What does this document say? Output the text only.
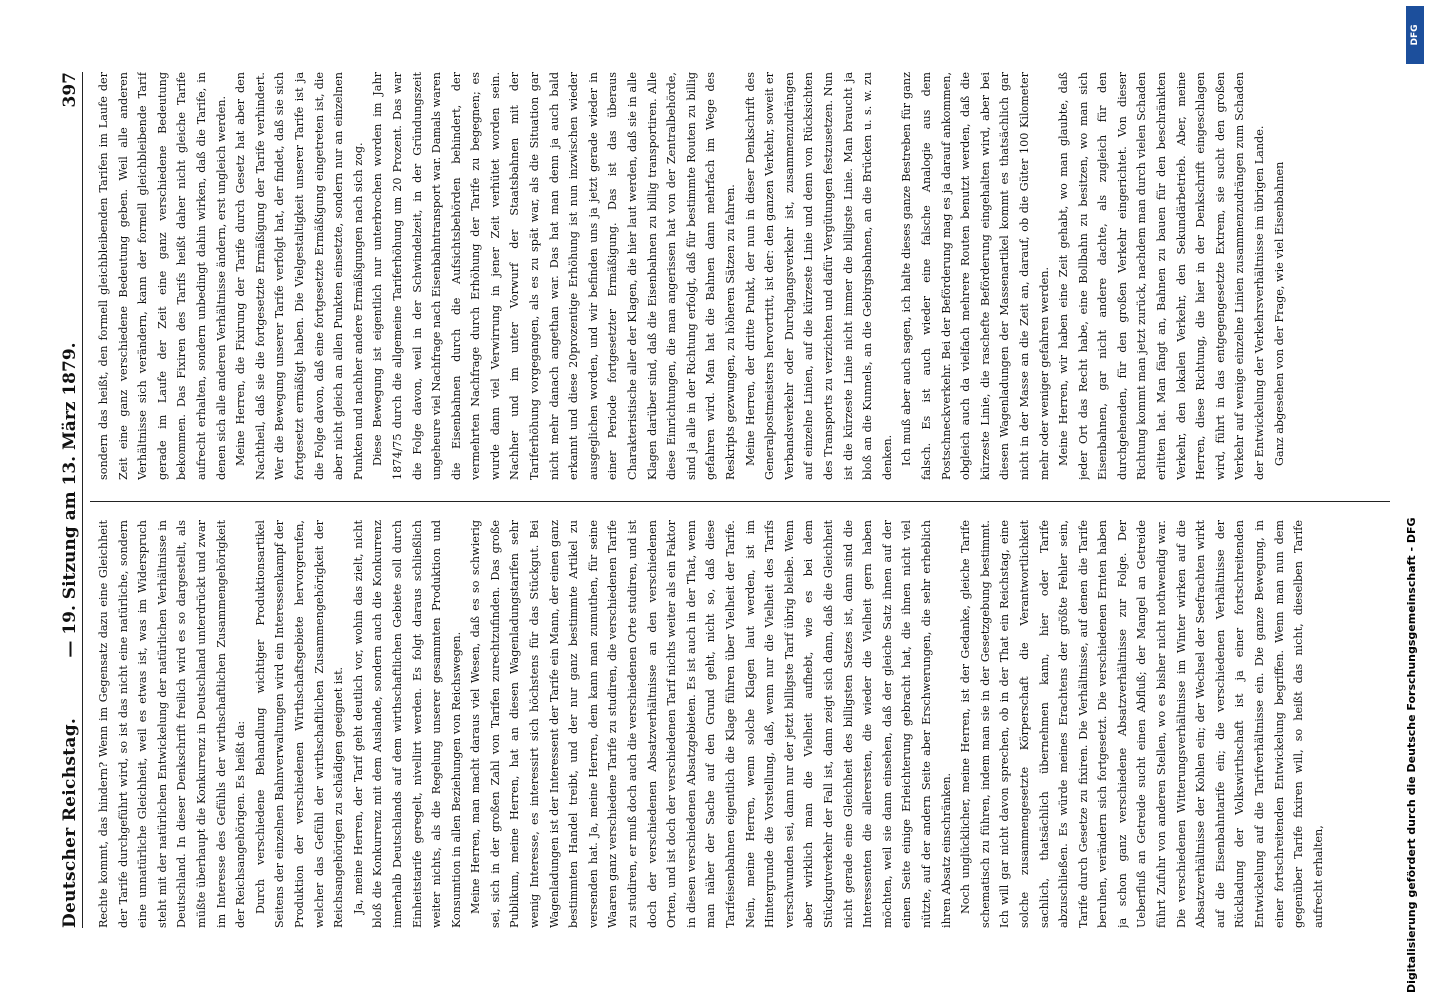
Deutscher Reichstag.
— 19. Sitzung am 13. März 1879.
397

Rechte kommt, das hindern? Wenn im Gegensatz dazu eine Gleichheit der Tarife durchgeführt wird, so ist das nicht eine natürliche, sondern eine unnatürliche Gleichheit, weil es etwas ist, was im Widerspruch steht mit der natürlichen Entwickelung der natürlichen Verhältnisse in Deutschland. In dieser Denkschrift freilich wird es so dargestellt, als müßte überhaupt die Konkurrenz in Deutschland unterdrückt und zwar im Interesse des Gefühls der wirthschaftlichen Zusammengehörigkeit der Reichsangehörigen. Es heißt da: Durch verschiedene Behandlung wichtiger Produktionsartikel Seitens der einzelnen Bahnverwaltungen wird ein Interessenkampf der Produktion der verschiedenen Wirthschaftsgebiete hervorgerufen, welcher das Gefühl der wirthschaftlichen Zusammengehörigkeit der Reichsangehörigen zu schädigen geeignet ist. Ja, meine Herren, der Tarif geht deutlich vor, wohin das zielt, nicht bloß die Konkurrenz mit dem Auslande, sondern auch die Konkurrenz innerhalb Deutschlands auf dem wirthschaftlichen Gebiete soll durch Einheitstarife geregelt, nivellirt werden. Es folgt daraus schließlich weiter nichts, als die Regelung unserer gesammten Produktion und Konsumtion in allen Beziehungen von Reichswegen. Meine Herren, man macht daraus viel Wesen, daß es so schwierig sei, sich in der großen Zahl von Tarifen zurechtzufinden. Das große Publikum, meine Herren, hat an diesen Wagenladungstarifen sehr wenig Interesse, es interessirt sich höchstens für das Stückgut. Bei Wagenladungen ist der Interessent der Tarife ein Mann, der einen ganz bestimmten Handel treibt, und der nur ganz bestimmte Artikel zu versenden hat. Ja, meine Herren, dem kann man zumuthen, für seine Waaren ganz verschiedene Tarife zu studiren, die verschiedenen Tarife zu studiren, er muß doch auch die verschiedenen Orte studiren, und ist doch der verschiedenen Absatzverhältnisse an den verschiedenen Orten, und ist doch der verschiedenen Tarif nichts weiter als ein Faktor in diesen verschiedenen Absatzgebieten. Es ist auch in der That, wenn man näher der Sache auf den Grund geht, nicht so, daß diese Tarifeisenbahnen eigentlich die Klage führen über Vielheit der Tarife. Nein, meine Herren, wenn solche Klagen laut werden, ist im Hintergrunde die Vorstellung, daß, wenn nur die Vielheit des Tarifs verschwunden sei, dann nur der jetzt billigste Tarif übrig bleibe. Wenn aber wirklich man die Vielheit aufhebt, wie es bei dem Stückgutverkehr der Fall ist, dann zeigt sich dann, daß die Gleichheit nicht gerade eine Gleichheit des billigsten Satzes ist, dann sind die Interessenten die allerersten, die wieder die Vielheit gern haben möchten, weil sie dann einsehen, daß der gleiche Satz ihnen auf der einen Seite einige Erleichterung gebracht hat, die ihnen nicht viel nützte, auf der andern Seite aber Erschwerungen, die sehr erheblich ihren Absatz einschränken. Noch unglücklicher, meine Herren, ist der Gedanke, gleiche Tarife schematisch zu führen, indem man sie in der Gesetzgebung bestimmt. Ich will gar nicht davon sprechen, ob in der That ein Reichstag, eine solche zusammengesetzte Körperschaft die Verantwortlichkeit sachlich, thatsächlich übernehmen kann, hier oder Tarife abzuschließen. Es würde meines Erachtens der größte Fehler sein, Tarife durch Gesetze zu fixiren. Die Verhältnisse, auf denen die Tarife beruhen, verändern sich fortgesetzt. Die verschiedenen Ernten haben ja schon ganz verschiedene Absatzverhältnisse zur Folge. Der Ueberfluß an Getreide sucht einen Abfluß; der Mangel an Getreide führt Zufuhr von anderen Stellen, wo es bisher nicht nothwendig war. Die verschiedenen Witterungsverhältnisse im Winter wirken auf die Absatzverhältnisse der Kohlen ein; der Wechsel der Seefrachten wirkt auf die Eisenbahntarife ein; die verschiedenen Verhältnisse der Rückladung der Volkswirthschaft ist ja einer fortschreitenden Entwickelung auf die Tarifverhältnisse ein. Die ganze Bewegung, in einer fortschreitenden Entwickelung begriffen. Wenn man nun dem gegenüber Tarife fixiren will, so heißt das nicht, dieselben Tarife aufrecht erhalten,

sondern das heißt, den formell gleichbleibenden Tarifen im Laufe der Zeit eine ganz verschiedene Bedeutung geben. Weil alle anderen Verhältnisse sich verändern, kann der formell gleichbleibende Tarif gerade im Laufe der Zeit eine ganz verschiedene Bedeutung bekommen. Das Fixiren des Tarifs heißt daher nicht gleiche Tarife aufrecht erhalten, sondern unbedingt dahin wirken, daß die Tarife, in denen sich alle anderen Verhältnisse ändern, erst ungleich werden. Meine Herren, die Fixirung der Tarife durch Gesetz hat aber den Nachtheil, daß sie die fortgesetzte Ermäßigung der Tarife verhindert. Wer die Bewegung unserer Tarife verfolgt hat, der findet, daß sie sich fortgesetzt ermäßigt haben. Die Vielgestaltigkeit unserer Tarife ist ja die Folge davon, daß eine fortgesetzte Ermäßigung eingetreten ist, die aber nicht gleich an allen Punkten einsetzte, sondern nur an einzelnen Punkten und nachher andere Ermäßigungen nach sich zog. Diese Bewegung ist eigentlich nur unterbrochen worden im Jahr 1874/75 durch die allgemeine Tariferhöhung um 20 Prozent. Das war die Folge davon, weil in der Schwindelzeit, in der Gründungszeit ungeheure viel Nachfrage nach Eisenbahntransport war. Damals waren die Eisenbahnen durch die Aufsichtsbehörden behindert, der vermehrten Nachfrage durch Erhöhung der Tarife zu begegnen; es wurde dann viel Verwirrung in jener Zeit verhütet worden sein. Nachher und im unter Vorwurf der Staatsbahnen mit der Tariferhöhung vorgegangen, als es zu spät war, als die Situation gar nicht mehr danach angethan war. Das hat man denn ja auch bald erkannt und diese 20prozentige Erhöhung ist nun inzwischen wieder ausgeglichen worden, und wir befinden uns ja jetzt gerade wieder in einer Periode fortgesetzter Ermäßigung. Das ist das überaus Charakteristische aller der Klagen, die hier laut werden, daß sie in alle Klagen darüber sind, daß die Eisenbahnen zu billig transportiren. Alle diese Einrichtungen, die man angerissen hat von der Zentralbehörde, sind ja alle in der Richtung erfolgt, daß für bestimmte Routen zu billig gefahren wird. Man hat die Bahnen dann mehrfach im Wege des Reskripts gezwungen, zu höheren Sätzen zu fahren. Meine Herren, der dritte Punkt, der nun in dieser Denkschrift des Generalpostmeisters hervortritt, ist der: den ganzen Verkehr, soweit er Verbandsverkehr oder Durchgangsverkehr ist, zusammenzudrängen auf einzelne Linien, auf die kürzeste Linie und denn von Rücksichten des Transports zu verzichten und dafür Vergütungen festzusetzen. Nun ist die kürzeste Linie nicht immer die billigste Linie. Man braucht ja bloß an die Kunnels, an die Gebirgsbahnen, an die Brücken u. s. w. zu denken. Ich muß aber auch sagen, ich halte dieses ganze Bestreben für ganz falsch. Es ist auch wieder eine falsche Analogie aus dem Postschneckverkehr. Bei der Beförderung mag es ja darauf ankommen, obgleich auch da vielfach mehrere Routen benutzt werden, daß die kürzeste Linie, die raschefte Beförderung eingehalten wird, aber bei diesen Wagenladungen der Massenartikel kommt es thatsächlich gar nicht in der Masse an die Zeit an, darauf, ob die Güter 100 Kilometer mehr oder weniger gefahren werden. Meine Herren, wir haben eine Zeit gehabt, wo man glaubte, daß jeder Ort das Recht habe, eine Bollbahn zu besitzen, wo man sich Eisenbahnen, gar nicht andere dachte, als zugleich für den durchgehenden, für den großen Verkehr eingerichtet. Von dieser Richtung kommt man jetzt zurück, nachdem man durch vielen Schaden erlitten hat. Man fängt an, Bahnen zu bauen für den beschränkten Verkehr, den lokalen Verkehr, den Sekundärbetrieb. Aber, meine Herren, diese Richtung, die hier in der Denkschrift eingeschlagen wird, führt in das entgegengesetzte Extrem, sie sucht den großen Verkehr auf wenige einzelne Linien zusammenzudrängen zum Schaden der Entwickelung der Verkehrsverhältnisse im übrigen Lande. Ganz abgesehen von der Frage, wie viel Eisenbahnen

Digitalisierung gefördert durch die Deutsche Forschungsgemeinschaft - DFG
DFG
